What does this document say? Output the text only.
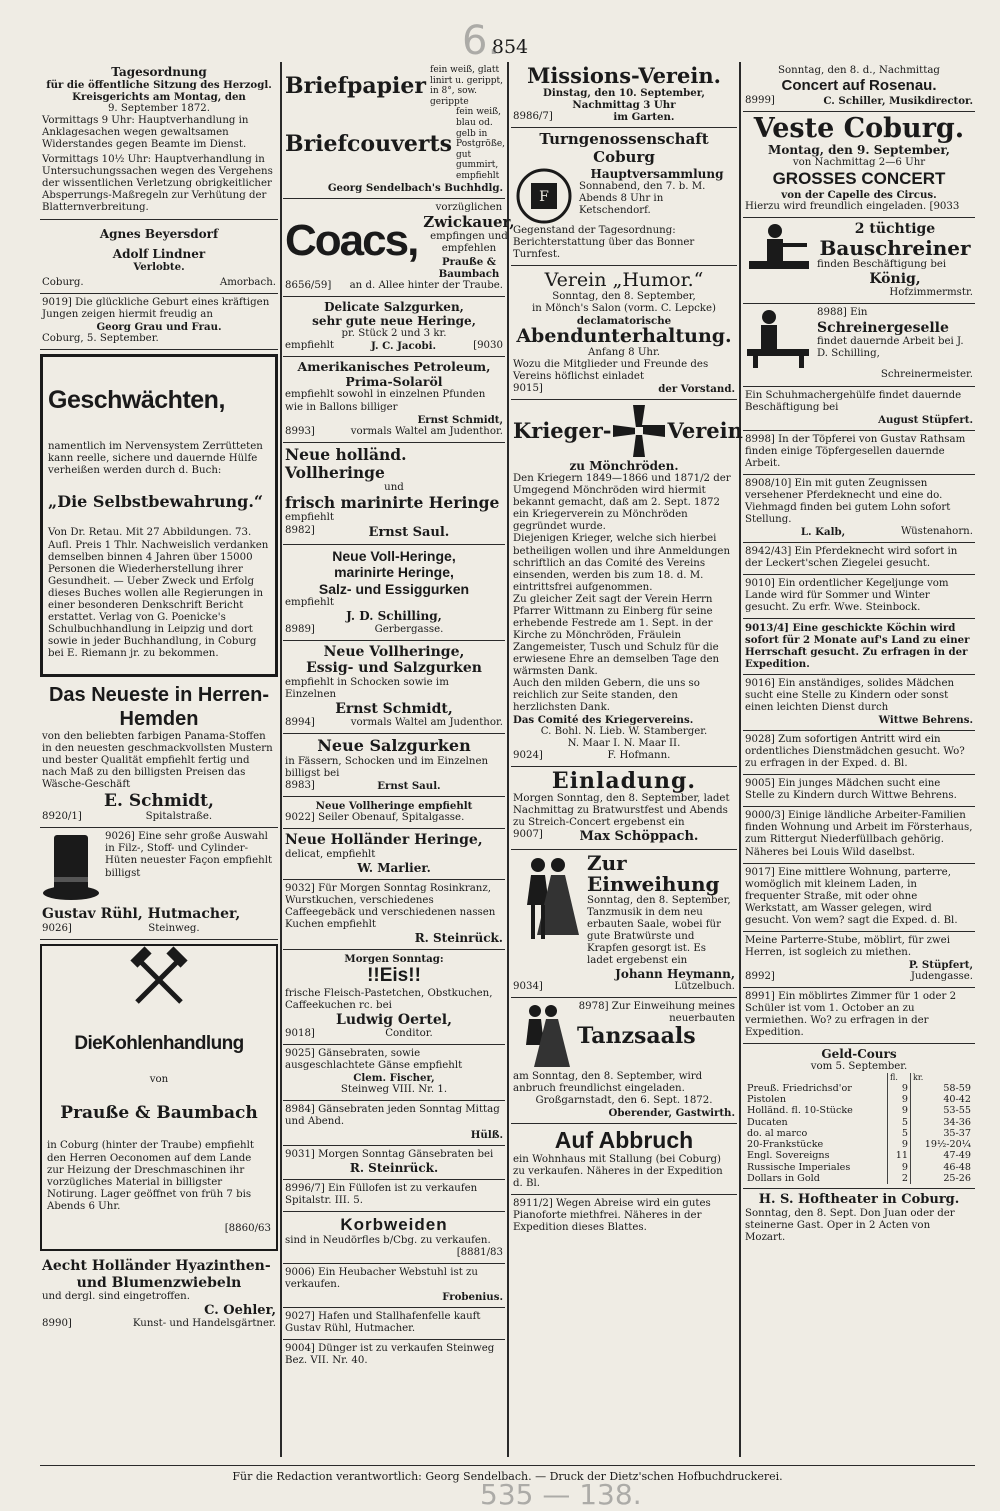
854
6.

Tagesordnung

für die öffentliche Sitzung des Herzogl.

Kreisgerichts am Montag, den

9. September 1872.

Vormittags 9 Uhr: Hauptverhandlung in Anklagesachen wegen gewaltsamen Widerstandes gegen Beamte im Dienst.

Vormittags 10½ Uhr: Hauptverhandlung in Untersuchungssachen wegen des Vergehens der wissentlichen Verletzung obrigkeitlicher Absperrungs-Maßregeln zur Verhütung der Blatternverbreitung.

Agnes Beyersdorf

Adolf Lindner

Verlobte.

Coburg.	Amorbach.

9019] Die glückliche Geburt eines kräftigen Jungen zeigen hiermit freudig an

Georg Grau und Frau.

Coburg, 5. September.

Geschwächten,

namentlich im Nervensystem Zerrütteten kann reelle, sichere und dauernde Hülfe verheißen werden durch d. Buch:

„Die Selbstbewahrung.“

Von Dr. Retau. Mit 27 Abbildungen. 73. Aufl. Preis 1 Thlr. Nachweislich verdanken demselben binnen 4 Jahren über 15000 Personen die Wiederherstellung ihrer Gesundheit. — Ueber Zweck und Erfolg dieses Buches wollen alle Regierungen in einer besonderen Denkschrift Bericht erstattet. Verlag von G. Poenicke's Schulbuchhandlung in Leipzig und dort sowie in jeder Buchhandlung, in Coburg bei E. Riemann jr. zu bekommen.

Das Neueste in Herren-

Hemden

von den beliebten farbigen Panama-Stoffen in den neuesten geschmackvollsten Mustern und bester Qualität empfiehlt fertig und nach Maß zu den billigsten Preisen das Wäsche-Geschäft

E. Schmidt,

8920/1]	Spitalstraße.

9026] Eine sehr große Auswahl in Filz-, Stoff- und Cylinder-Hüten neuester Façon empfiehlt billigst

Gustav Rühl, Hutmacher,

9026]	Steinweg.

DieKohlenhandlung

von

Prauße & Baumbach

in Coburg (hinter der Traube) empfiehlt den Herren Oeconomen auf dem Lande zur Heizung der Dreschmaschinen ihr vorzügliches Material in billigster Notirung. Lager geöffnet von früh 7 bis Abends 6 Uhr.

[8860/63

Aecht Holländer Hyazinthen-

und Blumenzwiebeln

und dergl. sind eingetroffen.

C. Oehler,

8990]	Kunst- und Handelsgärtner.
Briefpapier
fein weiß, glatt linirt u. gerippt, in 8°, sow. gerippte
Briefcouverts
fein weiß, blau od. gelb in Postgröße, gut gummirt, empfiehlt

Georg Sendelbach's Buchhdlg.

Coacs,

vorzüglichen

Zwickauer,

empfingen und empfehlen

Prauße & Baumbach

8656/59] an d. Allee hinter der Traube.

Delicate Salzgurken,

sehr gute neue Heringe,

pr. Stück 2 und 3 kr.

empfiehlt	J. C. Jacobi.	[9030

Amerikanisches Petroleum,

Prima-Solaröl

empfiehlt sowohl in einzelnen Pfunden wie in Ballons billiger

Ernst Schmidt,

8993]	vormals Waltel am Judenthor.

Neue holländ. Vollheringe

und

frisch marinirte Heringe

empfiehlt

8982]	Ernst Saul.

Neue Voll-Heringe,

marinirte Heringe,

Salz- und Essiggurken

empfiehlt

J. D. Schilling,

8989]	Gerbergasse.

Neue Vollheringe,

Essig- und Salzgurken

empfiehlt in Schocken sowie im Einzelnen

Ernst Schmidt,

8994]	vormals Waltel am Judenthor.

Neue Salzgurken

in Fässern, Schocken und im Einzelnen billigst bei

8983]	Ernst Saul.

Neue Vollheringe empfiehlt

9022] Seiler Obenauf, Spitalgasse.

Neue Holländer Heringe,

delicat, empfiehlt

W. Marlier.

9032] Für Morgen Sonntag Rosinkranz, Wurstkuchen, verschiedenes Caffeegebäck und verschiedenen nassen Kuchen empfiehlt

R. Steinrück.

Morgen Sonntag:

!!Eis!!

frische Fleisch-Pastetchen, Obstkuchen, Caffeekuchen rc. bei

Ludwig Oertel,

9018]	Conditor.

9025] Gänsebraten, sowie ausgeschlachtete Gänse empfiehlt

Clem. Fischer,

Steinweg VIII. Nr. 1.

8984] Gänsebraten jeden Sonntag Mittag und Abend.

Hülß.

9031] Morgen Sonntag Gänsebraten bei

R. Steinrück.

8996/7] Ein Füllofen ist zu verkaufen Spitalstr. III. 5.

Korbweiden

sind in Neudörfles b/Cbg. zu verkaufen.

[8881/83

9006) Ein Heubacher Webstuhl ist zu verkaufen.

Frobenius.

9027] Hafen und Stallhafenfelle kauft Gustav Rühl, Hutmacher.

9004] Dünger ist zu verkaufen Steinweg Bez. VII. Nr. 40.

Missions-Verein.

Dinstag, den 10. September,

Nachmittag 3 Uhr

8986/7]	im Garten.

Turngenossenschaft Coburg

F

Hauptversammlung

Sonnabend, den 7. b. M. Abends 8 Uhr in Ketschendorf.

Gegenstand der Tagesordnung: Berichterstattung über das Bonner Turnfest.

Verein „Humor.“

Sonntag, den 8. September,

in Mönch's Salon (vorm. C. Lepcke)

declamatorische

Abendunterhaltung.

Anfang 8 Uhr.

Wozu die Mitglieder und Freunde des Vereins höflichst einladet

9015]	der Vorstand.
Krieger-	Verein

zu Mönchröden.

Den Kriegern 1849—1866 und 1871/2 der Umgegend Mönchröden wird hiermit bekannt gemacht, daß am 2. Sept. 1872 ein Kriegerverein zu Mönchröden gegründet wurde.

Diejenigen Krieger, welche sich hierbei betheiligen wollen und ihre Anmeldungen schriftlich an das Comité des Vereins einsenden, werden bis zum 18. d. M. eintrittsfrei aufgenommen.

Zu gleicher Zeit sagt der Verein Herrn Pfarrer Wittmann zu Einberg für seine erhebende Festrede am 1. Sept. in der Kirche zu Mönchröden, Fräulein Zangemeister, Tusch und Schulz für die erwiesene Ehre an demselben Tage den wärmsten Dank.

Auch den milden Gebern, die uns so reichlich zur Seite standen, den herzlichsten Dank.

Das Comité des Kriegervereins.

C. Bohl. N. Lieb. W. Stamberger.

N. Maar I. N. Maar II.

9024]	F. Hofmann.

Einladung.

Morgen Sonntag, den 8. September, ladet Nachmittag zu Bratwurstfest und Abends zu Streich-Concert ergebenst ein

9007]	Max Schöppach.

Zur Einweihung

Sonntag, den 8. September, Tanzmusik in dem neu erbauten Saale, wobei für gute Bratwürste und Krapfen gesorgt ist. Es ladet ergebenst ein

Johann Heymann,

9034]	Lützelbuch.

8978] Zur Einweihung meines neuerbauten

Tanzsaals

am Sonntag, den 8. September, wird anbruch freundlichst eingeladen.

Großgarnstadt, den 6. Sept. 1872.

Oberender, Gastwirth.

Auf Abbruch

ein Wohnhaus mit Stallung (bei Coburg) zu verkaufen. Näheres in der Expedition d. Bl.

8911/2] Wegen Abreise wird ein gutes Pianoforte miethfrei. Näheres in der Expedition dieses Blattes.

Sonntag, den 8. d., Nachmittag

Concert auf Rosenau.

8999]	C. Schiller, Musikdirector.

Veste Coburg.

Montag, den 9. September,

von Nachmittag 2—6 Uhr

GROSSES CONCERT

von der Capelle des Circus.

Hierzu wird freundlich eingeladen. [9033

2 tüchtige

Bauschreiner

finden Beschäftigung bei

König,

Hofzimmermstr.

8988] Ein

Schreinergeselle

findet dauernde Arbeit bei J. D. Schilling,

Schreinermeister.

Ein Schuhmachergehülfe findet dauernde Beschäftigung bei

August Stüpfert.

8998] In der Töpferei von Gustav Rathsam finden einige Töpfergesellen dauernde Arbeit.

8908/10] Ein mit guten Zeugnissen versehener Pferdeknecht und eine do. Viehmagd finden bei gutem Lohn sofort Stellung.

L. Kalb,	Wüstenahorn.

8942/43] Ein Pferdeknecht wird sofort in der Leckert'schen Ziegelei gesucht.

9010] Ein ordentlicher Kegeljunge vom Lande wird für Sommer und Winter gesucht. Zu erfr. Wwe. Steinbock.

9013/4] Eine geschickte Köchin wird sofort für 2 Monate auf's Land zu einer Herrschaft gesucht. Zu erfragen in der Expedition.

9016] Ein anständiges, solides Mädchen sucht eine Stelle zu Kindern oder sonst einen leichten Dienst durch

Wittwe Behrens.

9028] Zum sofortigen Antritt wird ein ordentliches Dienstmädchen gesucht. Wo? zu erfragen in der Exped. d. Bl.

9005] Ein junges Mädchen sucht eine Stelle zu Kindern durch Wittwe Behrens.

9000/3] Einige ländliche Arbeiter-Familien finden Wohnung und Arbeit im Försterhaus, zum Rittergut Niederfüllbach gehörig. Näheres bei Louis Wild daselbst.

9017] Eine mittlere Wohnung, parterre, womöglich mit kleinem Laden, in frequenter Straße, mit oder ohne Werkstatt, am Wasser gelegen, wird gesucht. Von wem? sagt die Exped. d. Bl.

Meine Parterre-Stube, möblirt, für zwei Herren, ist sogleich zu miethen.

P. Stüpfert,

8992]	Judengasse.

8991] Ein möblirtes Zimmer für 1 oder 2 Schüler ist vom 1. October an zu vermiethen. Wo? zu erfragen in der Expedition.

Geld-Cours

vom 5. September.

	fl.	kr.
Preuß. Friedrichsd'or	9	58-59
Pistolen	9	40-42
Holländ. fl. 10-Stücke	9	53-55
Ducaten	5	34-36
do. al marco	5	35-37
20-Frankstücke	9	19½-20¼
Engl. Sovereigns	11	47-49
Russische Imperiales	9	46-48
Dollars in Gold	2	25-26

H. S. Hoftheater in Coburg.

Sonntag, den 8. Sept. Don Juan oder der steinerne Gast. Oper in 2 Acten von Mozart.

Für die Redaction verantwortlich: Georg Sendelbach. — Druck der Dietz'schen Hofbuchdruckerei.
535 — 138.
